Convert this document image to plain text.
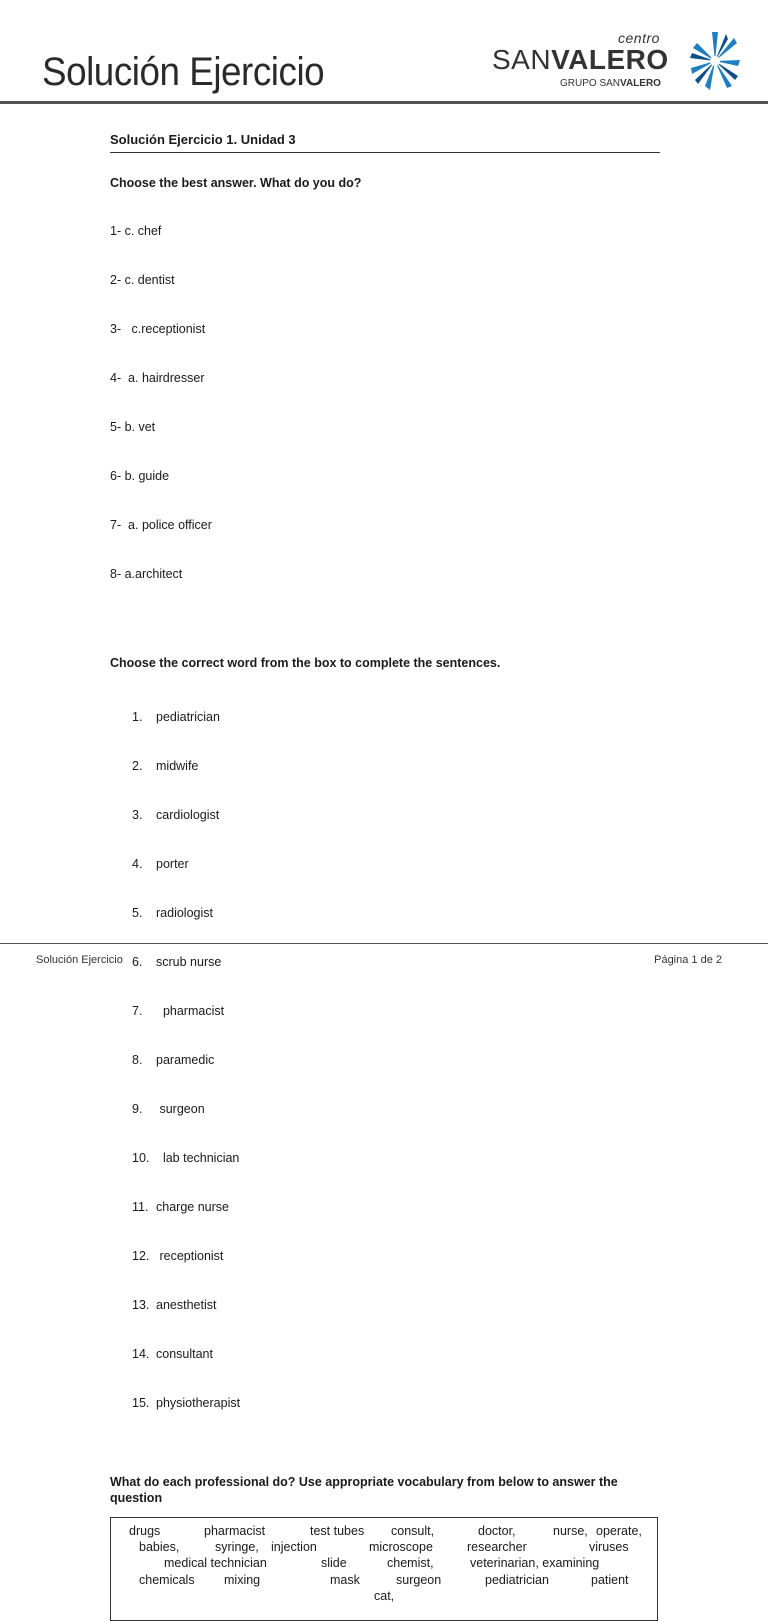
Solución Ejercicio
centro
SANVALERO
GRUPO SANVALERO
Solución Ejercicio 1. Unidad 3
Choose the best answer. What do you do?

1- c. chef

2- c. dentist

3-   c.receptionist

4-  a. hairdresser

5- b. vet

6- b. guide

7-  a. police officer

8- a.architect

Choose the correct word from the box to complete the sentences.

1. pediatrician

2. midwife

3. cardiologist

4. porter

5. radiologist

6. scrub nurse

7.  pharmacist

8. paramedic

9. surgeon

10.  lab technician

11. charge nurse

12. receptionist

13. anesthetist

14. consultant

15. physiotherapist

What do each professional do? Use appropriate vocabulary from below to answer the
question
drugs	pharmacist	test tubes consult,	doctor,	nurse, operate,
babies,	syringe, injection	microscope	researcher	viruses
medical technician	slide	chemist,	veterinarian, examining
chemicals mixing	mask	surgeon	pediatrician	patient
cat,
Solución Ejercicio	Página 1 de 2
